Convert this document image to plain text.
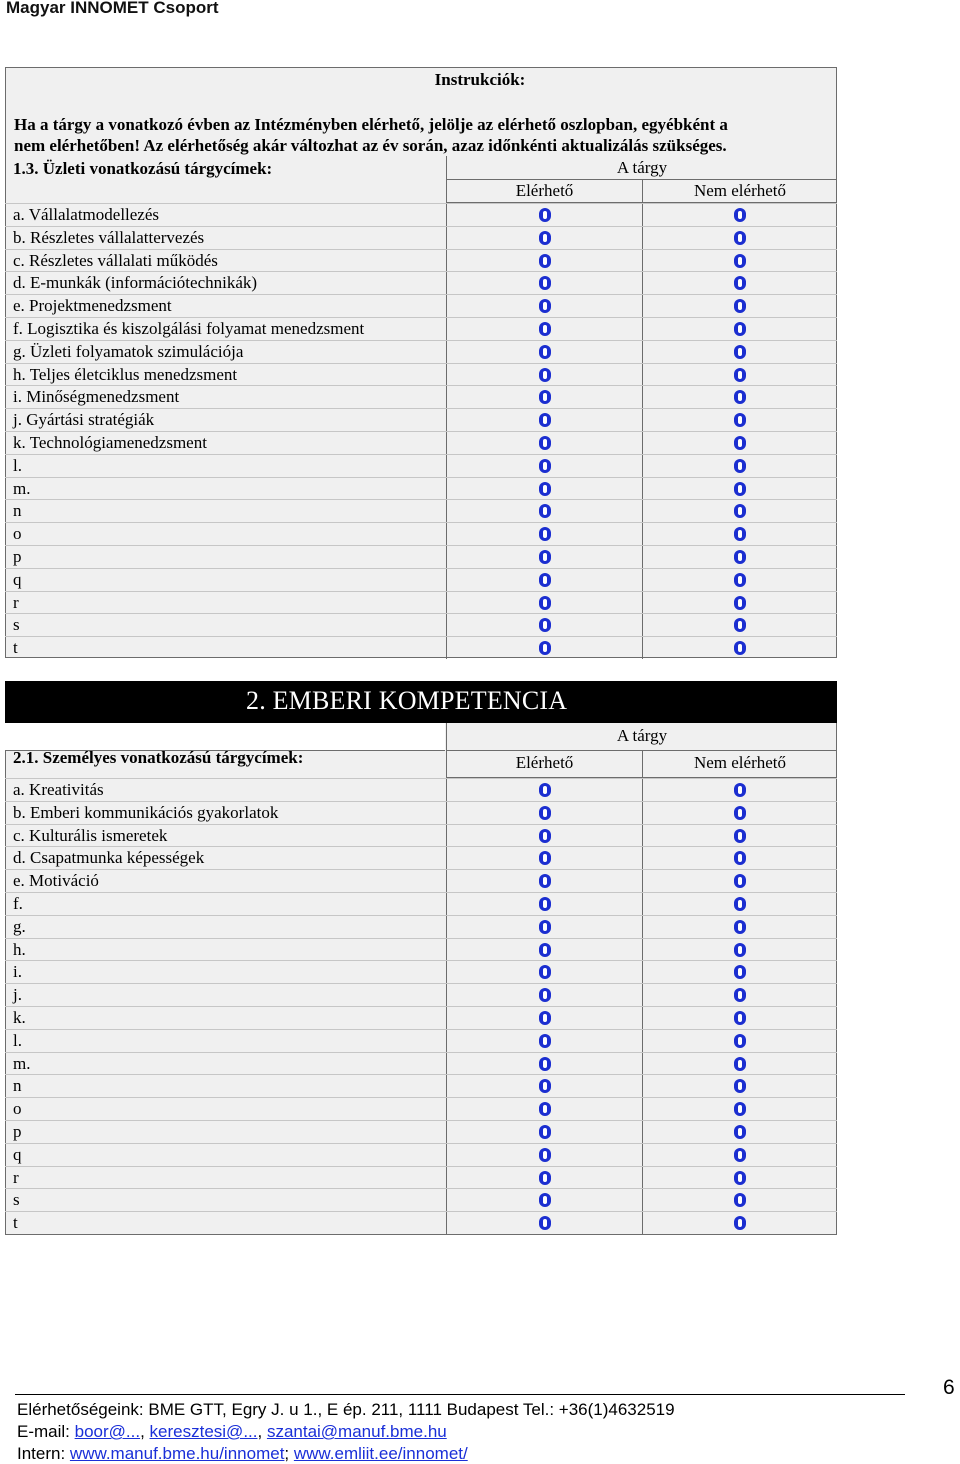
Magyar INNOMET Csoport
Instrukciók:
Ha a tárgy a vonatkozó évben az Intézményben elérhető, jelölje az elérhető oszlopban, egyébként a
nem elérhetőben! Az elérhetőség akár változhat az év során, azaz időnkénti aktualizálás szükséges.
1.3. Üzleti vonatkozású tárgycímek:	A tárgy
Elérhető	Nem elérhető
a. Vállalatmodellezés
b. Részletes vállalattervezés
c. Részletes vállalati működés
d. E-munkák (információtechnikák)
e. Projektmenedzsment
f. Logisztika és kiszolgálási folyamat menedzsment
g. Üzleti folyamatok szimulációja
h. Teljes életciklus menedzsment
i. Minőségmenedzsment
j. Gyártási stratégiák
k. Technológiamenedzsment
l.
m.
n
o
p
q
r
s
t
2. EMBERI KOMPETENCIA
A tárgy
2.1. Személyes vonatkozású tárgycímek:	Elérhető	Nem elérhető
a. Kreativitás
b. Emberi kommunikációs gyakorlatok
c. Kulturális ismeretek
d. Csapatmunka képességek
e. Motiváció
f.
g.
h.
i.
j.
k.
l.
m.
n
o
p
q
r
s
t
Elérhetőségeink: BME GTT, Egry J. u 1., E ép. 211, 1111 Budapest Tel.: +36(1)4632519
E-mail: boor@..., keresztesi@..., szantai@manuf.bme.hu
Intern: www.manuf.bme.hu/innomet; www.emliit.ee/innomet/
6
